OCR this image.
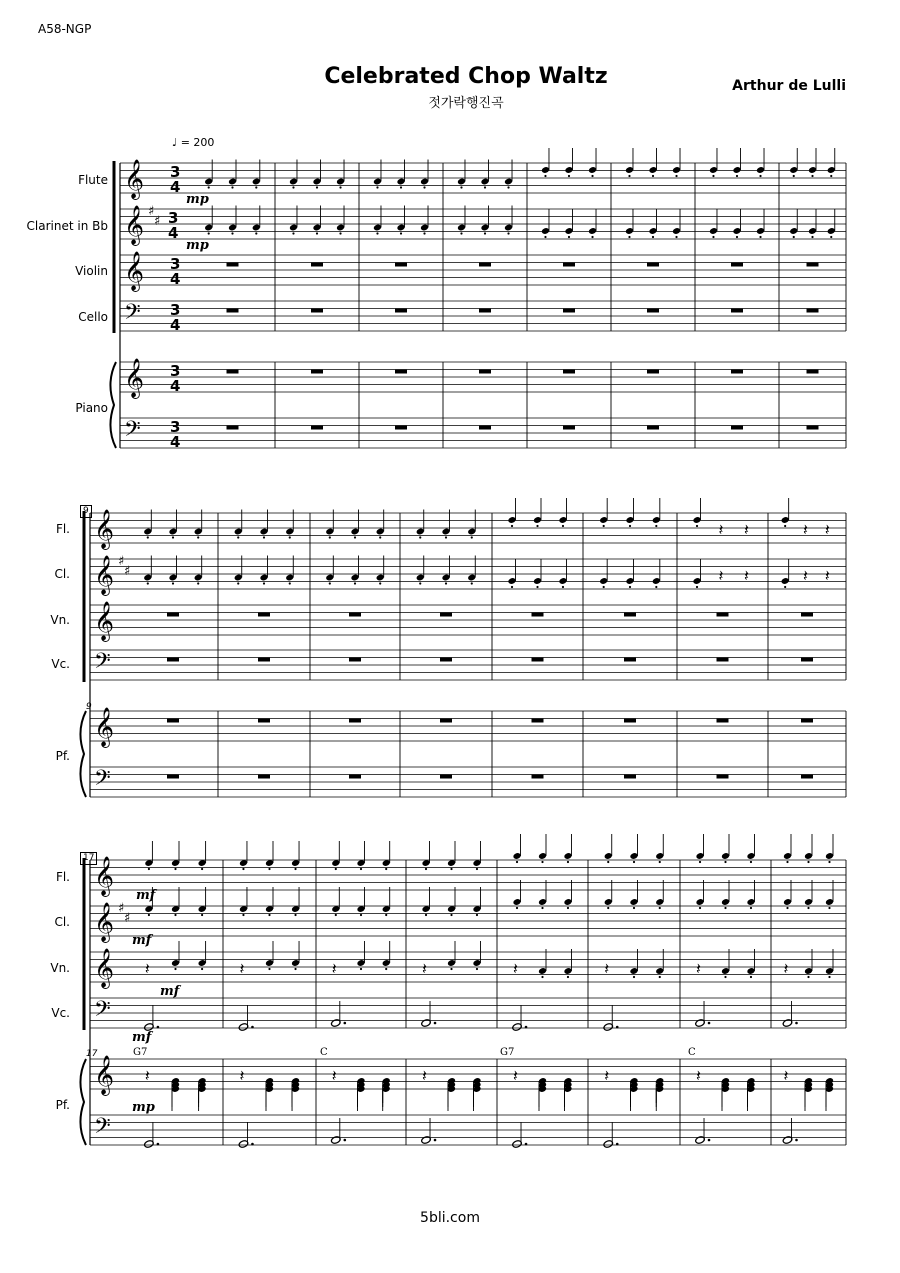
A58-NGP
Celebrated Chop Waltz
젓가락행진곡
Arthur de Lulli
♩ = 200
Flute
Clarinet in Bb
Violin
Cello
Piano
Fl.
Cl.
Vn.
Vc.
Pf.
Fl.
Cl.
Vn.
Vc.
Pf.
mp
mp
mf
mf
mf
mf
mp
9
9
17
17	G7	C	G7	C
5bli.com
𝄞
𝄞
𝄞
𝄢
𝄞
𝄢
♯
♯
3
4
3
4
3
4
3
4
3
4
3
4
𝄞
𝄞
𝄞
𝄢
𝄞
𝄢
♯
♯
𝄽 𝄽
𝄽 𝄽
𝄽 𝄽
𝄽 𝄽
𝄞
𝄞
𝄞
𝄢
𝄞
𝄢
♯
♯
𝄽
𝄽
𝄽
𝄽
𝄽
𝄽
𝄽
𝄽
𝄽
𝄽
𝄽
𝄽
𝄽
𝄽
𝄽
𝄽
